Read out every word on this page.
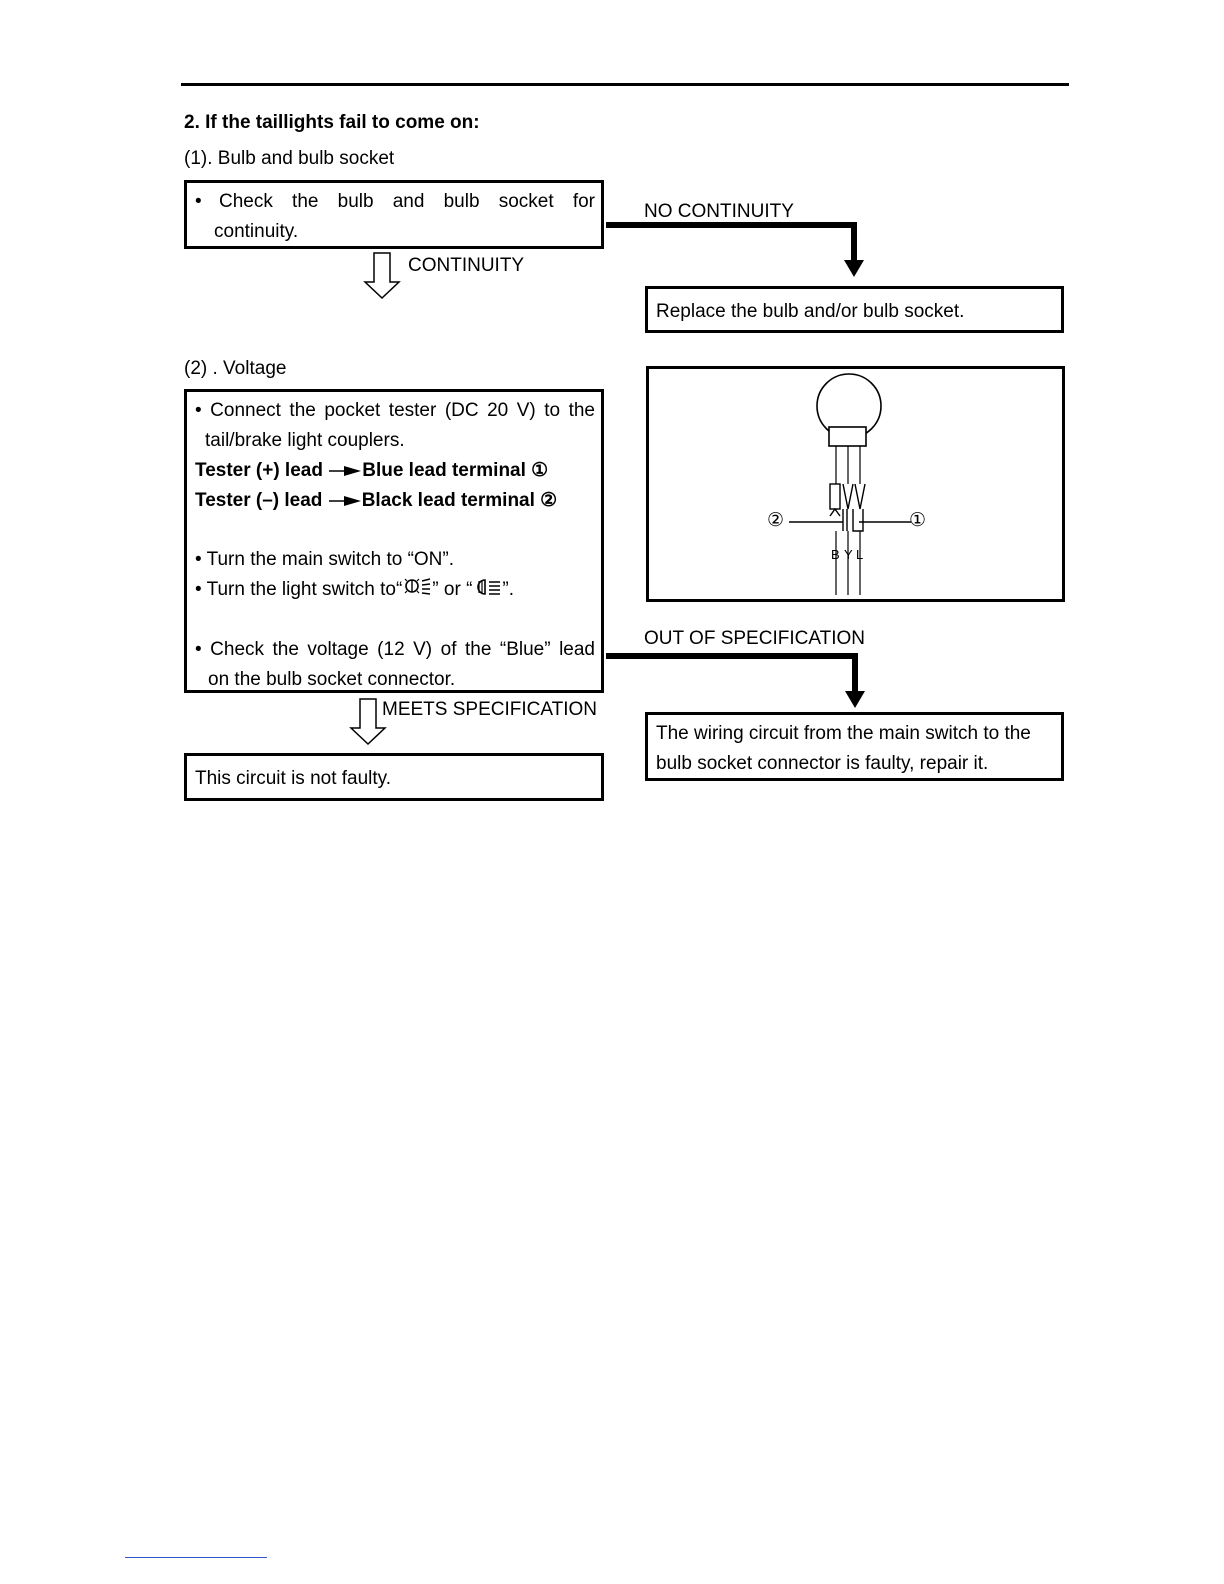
2. If the taillights fail to come on:
(1). Bulb and bulb socket
• Check the bulb and bulb socket for
continuity.
CONTINUITY
NO CONTINUITY
Replace the bulb and/or bulb socket.
(2) . Voltage
• Connect the pocket tester (DC 20 V) to the
tail/brake light couplers.
Tester (+) lead Blue lead terminal ①
Tester (–) lead Black lead terminal ②
• Turn the main switch to “ON”.
• Turn the light switch to“ ” or “ ”.
• Check the voltage (12 V) of the “Blue” lead
on the bulb socket connector.
②	①
B Y L
OUT OF SPECIFICATION
The wiring circuit from the main switch to the
bulb socket connector is faulty, repair it.
MEETS SPECIFICATION
This circuit is not faulty.
